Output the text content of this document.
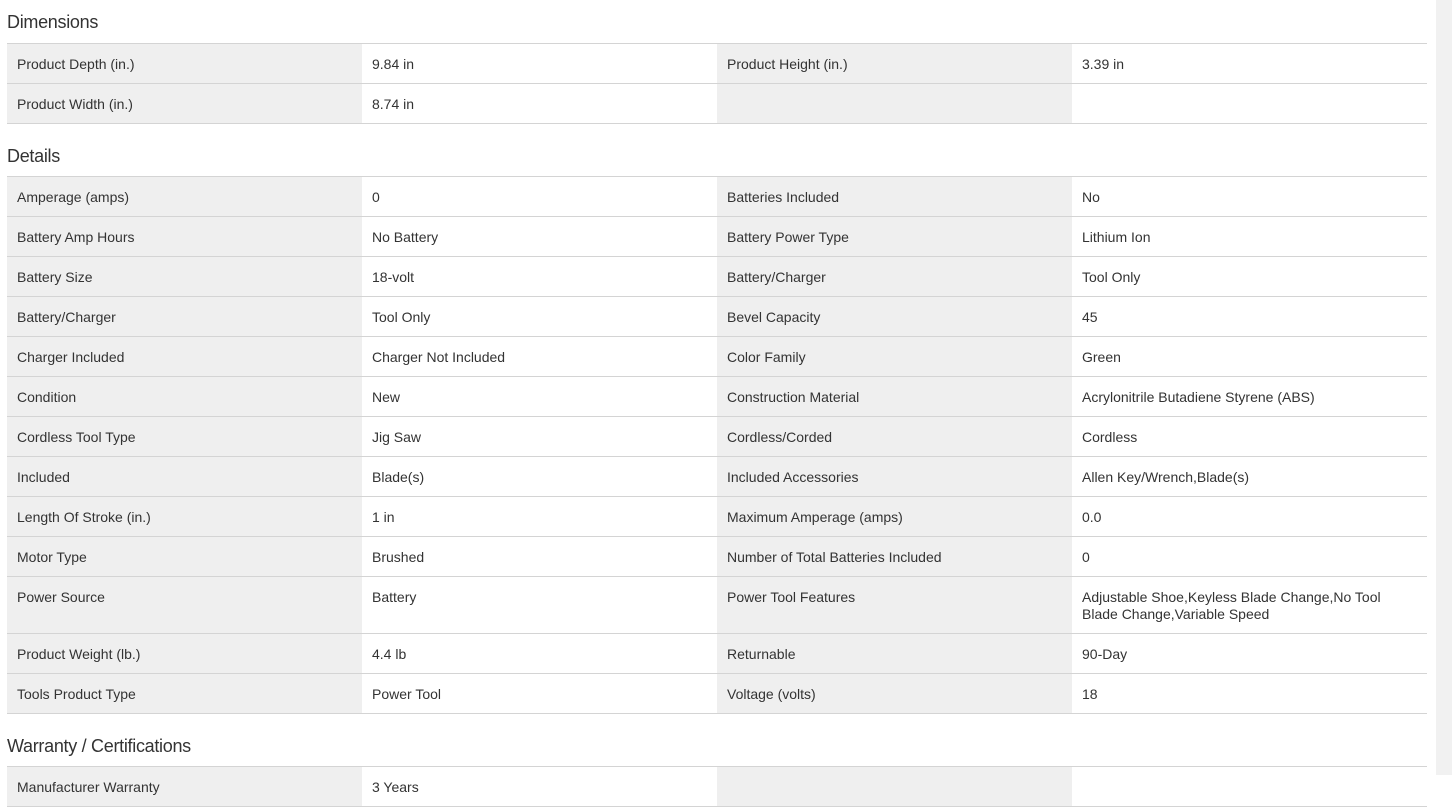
Dimensions
Product Depth (in.)	9.84 in	Product Height (in.)	3.39 in
Product Width (in.)	8.74 in
Details
Amperage (amps)	0	Batteries Included	No
Battery Amp Hours	No Battery	Battery Power Type	Lithium Ion
Battery Size	18-volt	Battery/Charger	Tool Only
Battery/Charger	Tool Only	Bevel Capacity	45
Charger Included	Charger Not Included	Color Family	Green
Condition	New	Construction Material	Acrylonitrile Butadiene Styrene (ABS)
Cordless Tool Type	Jig Saw	Cordless/Corded	Cordless
Included	Blade(s)	Included Accessories	Allen Key/Wrench,Blade(s)
Length Of Stroke (in.)	1 in	Maximum Amperage (amps)	0.0
Motor Type	Brushed	Number of Total Batteries Included	0
Power Source	Battery	Power Tool Features	Adjustable Shoe,Keyless Blade Change,No Tool Blade Change,Variable Speed
Product Weight (lb.)	4.4 lb	Returnable	90-Day
Tools Product Type	Power Tool	Voltage (volts)	18
Warranty / Certifications
Manufacturer Warranty	3 Years
